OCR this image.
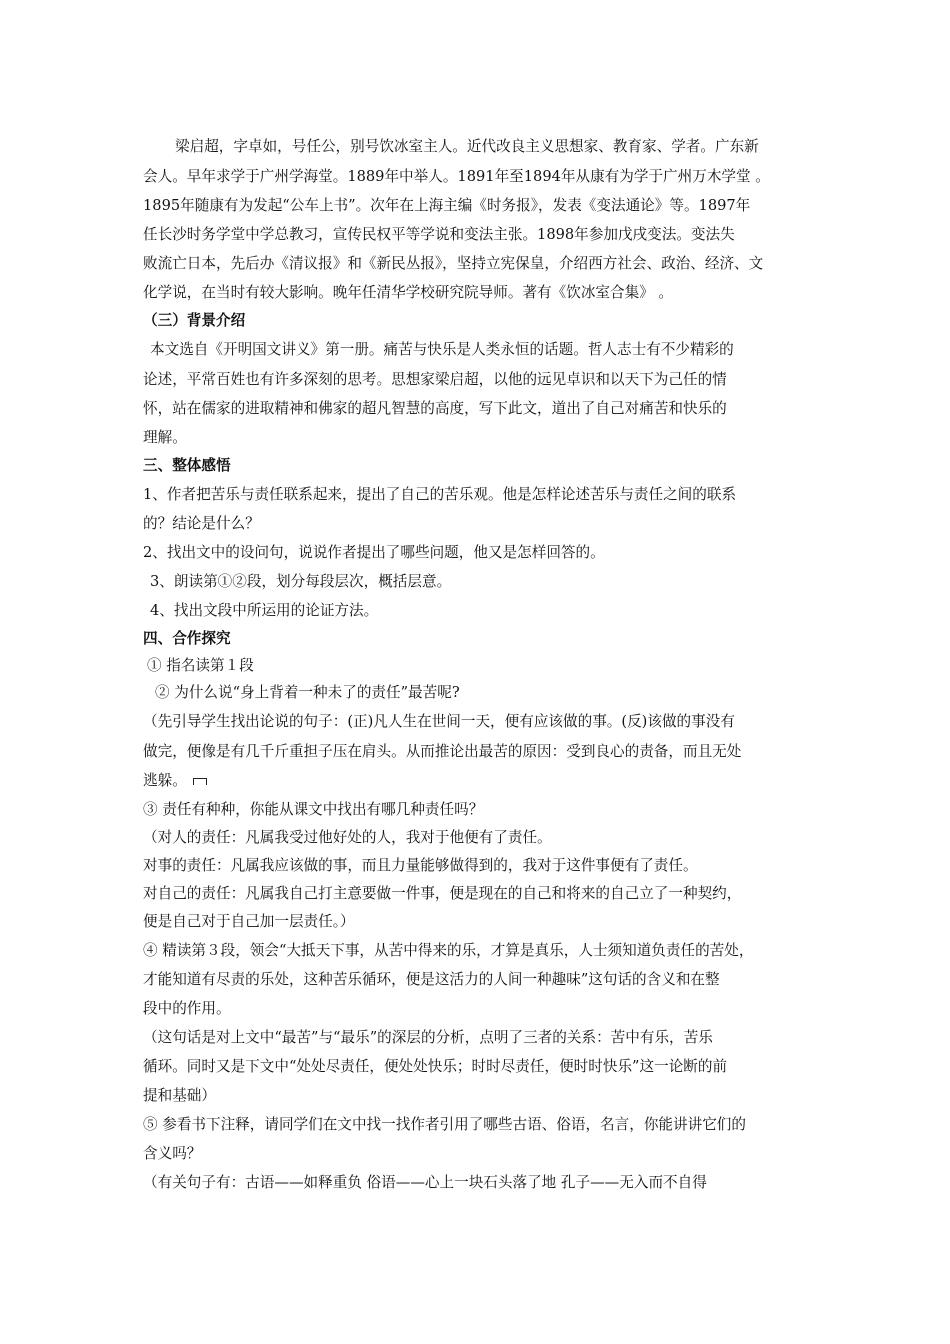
梁启超，字卓如，号任公，别号饮冰室主人。近代改良主义思想家、教育家、学者。广东新
会人。早年求学于广州学海堂。1889年中举人。1891年至1894年从康有为学于广州万木学堂 。
1895年随康有为发起“公车上书”。次年在上海主编《时务报》，发表《变法通论》等。1897年
任长沙时务学堂中学总教习，宣传民权平等学说和变法主张。1898年参加戊戌变法。变法失
败流亡日本，先后办《清议报》和《新民丛报》，坚持立宪保皇，介绍西方社会、政治、经济、文
化学说，在当时有较大影响。晚年任清华学校研究院导师。著有《饮冰室合集》 。
（三）背景介绍
本文选自《开明国文讲义》第一册。痛苦与快乐是人类永恒的话题。哲人志士有不少精彩的
论述，平常百姓也有许多深刻的思考。思想家梁启超，以他的远见卓识和以天下为己任的情
怀，站在儒家的进取精神和佛家的超凡智慧的高度，写下此文，道出了自己对痛苦和快乐的
理解。
三、整体感悟
1、作者把苦乐与责任联系起来，提出了自己的苦乐观。他是怎样论述苦乐与责任之间的联系
的？结论是什么？
2、找出文中的设问句，说说作者提出了哪些问题，他又是怎样回答的。
3、朗读第①②段，划分每段层次，概括层意。
4、找出文段中所运用的论证方法。
四、合作探究
① 指名读第１段
② 为什么说“身上背着一种未了的责任”最苦呢?
（先引导学生找出论说的句子：(正)凡人生在世间一天，便有应该做的事。(反)该做的事没有
做完，便像是有几千斤重担子压在肩头。从而推论出最苦的原因：受到良心的责备，而且无处
逃躲。
③ 责任有种种，你能从课文中找出有哪几种责任吗？
（对人的责任：凡属我受过他好处的人，我对于他便有了责任。
对事的责任：凡属我应该做的事，而且力量能够做得到的，我对于这件事便有了责任。
对自己的责任：凡属我自己打主意要做一件事，便是现在的自己和将来的自己立了一种契约，
便是自己对于自己加一层责任。）
④ 精读第３段，领会“大抵天下事，从苦中得来的乐，才算是真乐，人士须知道负责任的苦处，
才能知道有尽责的乐处，这种苦乐循环，便是这活力的人间一种趣味”这句话的含义和在整
段中的作用。
（这句话是对上文中“最苦”与“最乐”的深层的分析，点明了三者的关系：苦中有乐，苦乐
循环。同时又是下文中“处处尽责任，便处处快乐；时时尽责任，便时时快乐”这一论断的前
提和基础）
⑤ 参看书下注释，请同学们在文中找一找作者引用了哪些古语、俗语，名言，你能讲讲它们的
含义吗？
（有关句子有：古语——如释重负 俗语——心上一块石头落了地 孔子——无入而不自得
